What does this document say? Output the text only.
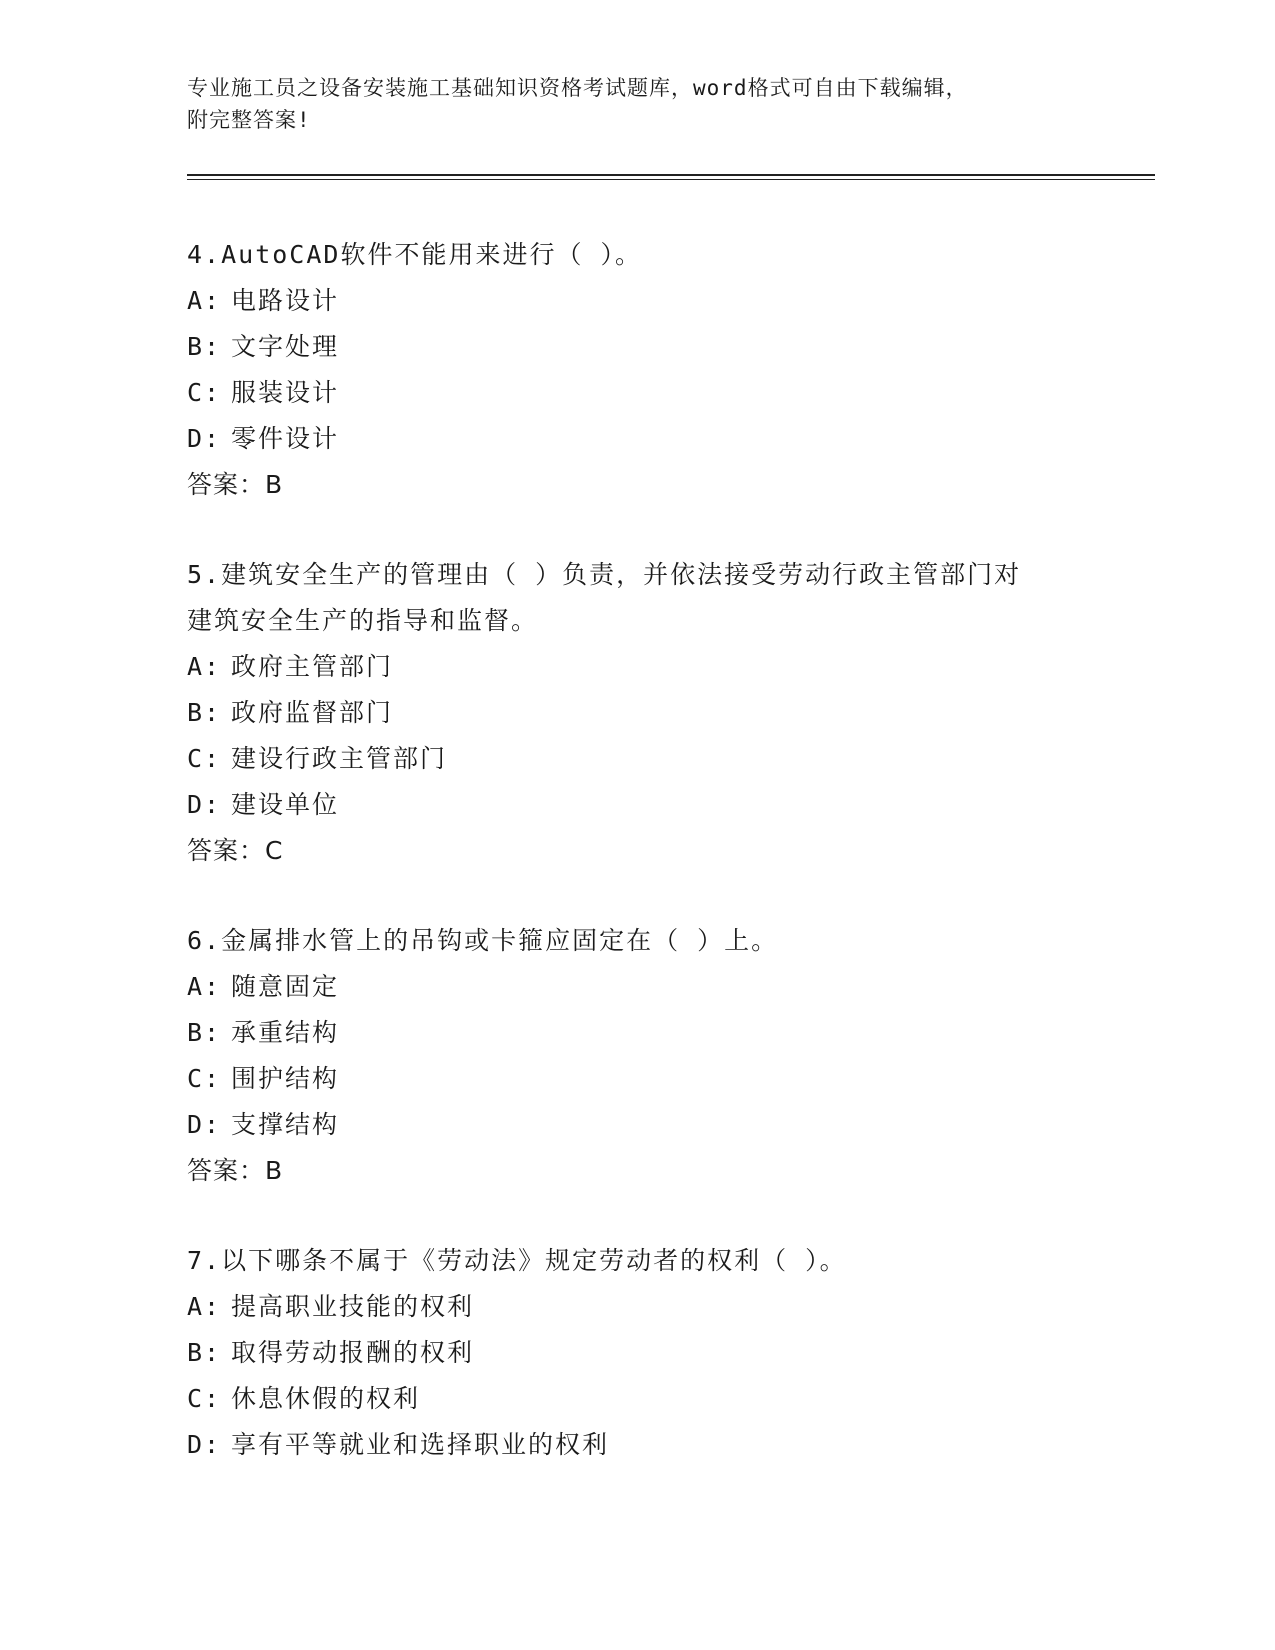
专业施工员之设备安装施工基础知识资格考试题库，word格式可自由下载编辑，
附完整答案!
4.AutoCAD软件不能用来进行（ ）。
A: 电路设计
B: 文字处理
C: 服装设计
D: 零件设计
答案：B
5.建筑安全生产的管理由（ ）负责，并依法接受劳动行政主管部门对
建筑安全生产的指导和监督。
A: 政府主管部门
B: 政府监督部门
C: 建设行政主管部门
D: 建设单位
答案：C
6.金属排水管上的吊钩或卡箍应固定在（ ）上。
A: 随意固定
B: 承重结构
C: 围护结构
D: 支撑结构
答案：B
7.以下哪条不属于《劳动法》规定劳动者的权利（ ）。
A: 提高职业技能的权利
B: 取得劳动报酬的权利
C: 休息休假的权利
D: 享有平等就业和选择职业的权利
